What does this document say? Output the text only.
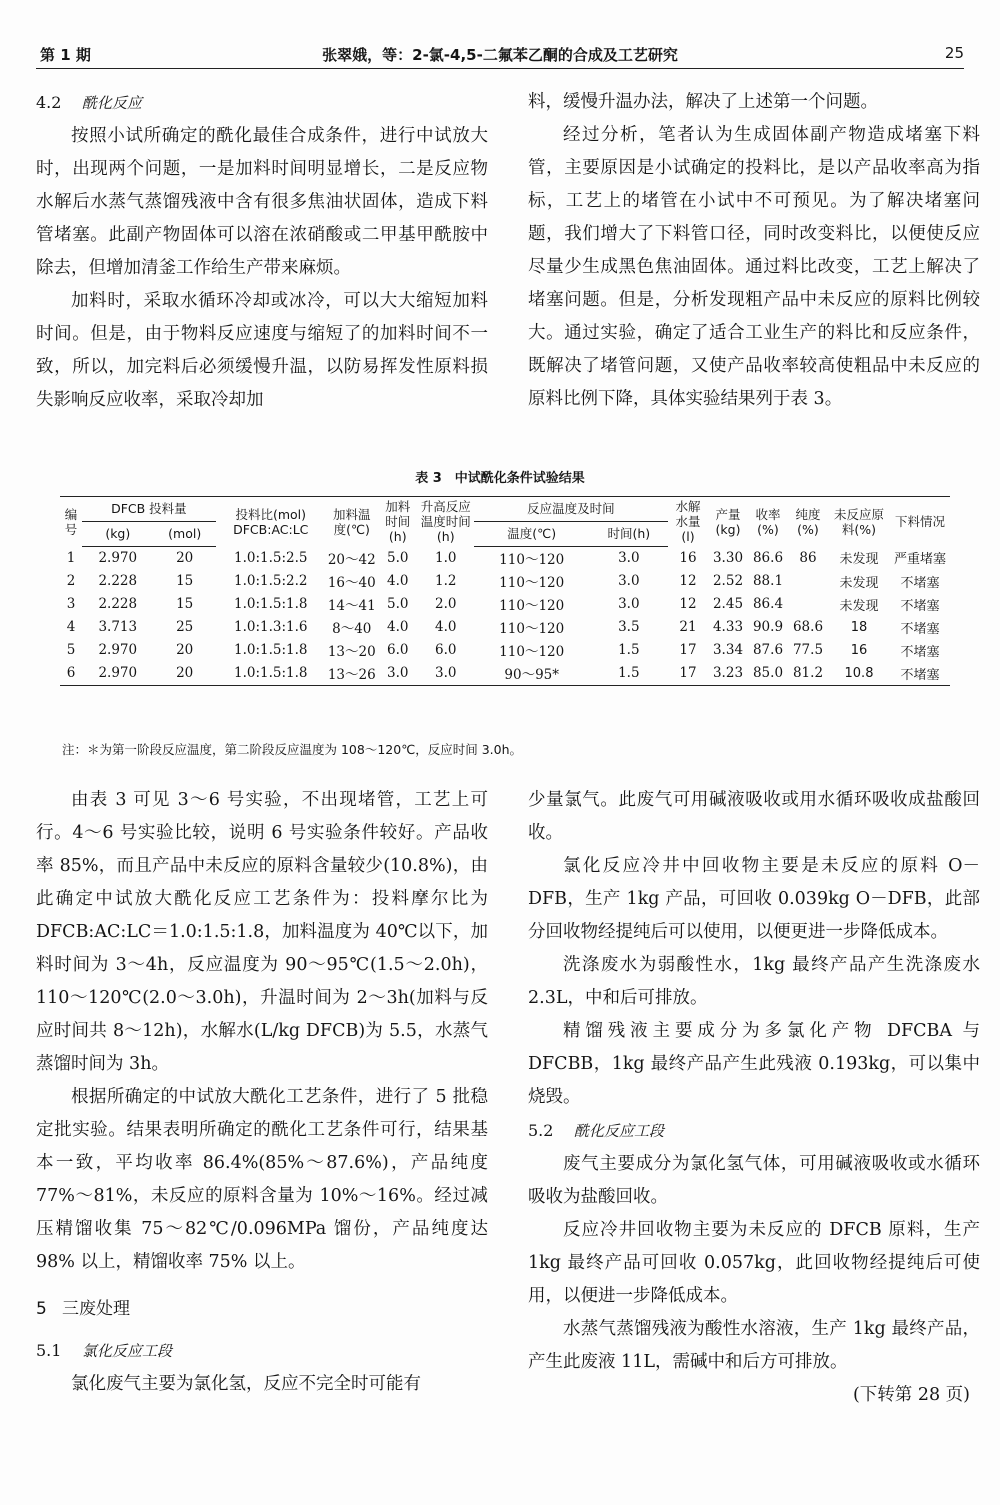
第 1 期	张翠娥，等：2-氯-4,5-二氟苯乙酮的合成及工艺研究	25
4.2 酰化反应

按照小试所确定的酰化最佳合成条件，进行中试放大时，出现两个问题，一是加料时间明显增长，二是反应物水解后水蒸气蒸馏残液中含有很多焦油状固体，造成下料管堵塞。此副产物固体可以溶在浓硝酸或二甲基甲酰胺中除去，但增加清釜工作给生产带来麻烦。

加料时，采取水循环冷却或冰冷，可以大大缩短加料时间。但是，由于物料反应速度与缩短了的加料时间不一致，所以，加完料后必须缓慢升温，以防易挥发性原料损失影响反应收率，采取冷却加

料，缓慢升温办法，解决了上述第一个问题。

经过分析，笔者认为生成固体副产物造成堵塞下料管，主要原因是小试确定的投料比，是以产品收率高为指标，工艺上的堵管在小试中不可预见。为了解决堵塞问题，我们增大了下料管口径，同时改变料比，以便使反应尽量少生成黑色焦油固体。通过料比改变，工艺上解决了堵塞问题。但是，分析发现粗产品中未反应的原料比例较大。通过实验，确定了适合工业生产的料比和反应条件，既解决了堵管问题，又使产品收率较高使粗品中未反应的原料比例下降，具体实验结果列于表 3。

表 3　中试酰化条件试验结果
编号	DFCB 投料量		投料比(mol)
DFCB:AC:LC	加料温度(℃)	加料时间(h)	升高反应温度时间(h)	反应温度及时间		水解水量(l)	产量(kg)	收率(%)	纯度(%)	未反应原料(%)	下料情况
	(kg)	(mol)					温度(℃)	时间(h)						
1	2.970	20	1.0:1.5:2.5	20～42	5.0	1.0	110～120	3.0	16	3.30	86.6	86	未发现	严重堵塞
2	2.228	15	1.0:1.5:2.2	16～40	4.0	1.2	110～120	3.0	12	2.52	88.1		未发现	不堵塞
3	2.228	15	1.0:1.5:1.8	14～41	5.0	2.0	110～120	3.0	12	2.45	86.4		未发现	不堵塞
4	3.713	25	1.0:1.3:1.6	8～40	4.0	4.0	110～120	3.5	21	4.33	90.9	68.6	18	不堵塞
5	2.970	20	1.0:1.5:1.8	13～20	6.0	6.0	110～120	1.5	17	3.34	87.6	77.5	16	不堵塞
6	2.970	20	1.0:1.5:1.8	13～26	3.0	3.0	90～95*	1.5	17	3.23	85.0	81.2	10.8	不堵塞
注：＊为第一阶段反应温度，第二阶段反应温度为 108～120℃，反应时间 3.0h。

由表 3 可见 3～6 号实验，不出现堵管，工艺上可行。4～6 号实验比较，说明 6 号实验条件较好。产品收率 85%，而且产品中未反应的原料含量较少(10.8%)，由此确定中试放大酰化反应工艺条件为：投料摩尔比为 DFCB:AC:LC＝1.0:1.5:1.8，加料温度为 40℃以下，加料时间为 3～4h，反应温度为 90～95℃(1.5～2.0h)，110～120℃(2.0～3.0h)，升温时间为 2～3h(加料与反应时间共 8～12h)，水解水(L/kg DFCB)为 5.5，水蒸气蒸馏时间为 3h。

根据所确定的中试放大酰化工艺条件，进行了 5 批稳定批实验。结果表明所确定的酰化工艺条件可行，结果基本一致，平均收率 86.4%(85%～87.6%)，产品纯度 77%～81%，未反应的原料含量为 10%～16%。经过减压精馏收集 75～82℃/0.096MPa 馏份，产品纯度达 98% 以上，精馏收率 75% 以上。

5 三废处理
5.1 氯化反应工段

氯化废气主要为氯化氢，反应不完全时可能有

少量氯气。此废气可用碱液吸收或用水循环吸收成盐酸回收。

氯化反应冷井中回收物主要是未反应的原料 O－DFB，生产 1kg 产品，可回收 0.039kg O－DFB，此部分回收物经提纯后可以使用，以便更进一步降低成本。

洗涤废水为弱酸性水，1kg 最终产品产生洗涤废水 2.3L，中和后可排放。

精馏残液主要成分为多氯化产物 DFCBA 与 DFCBB，1kg 最终产品产生此残液 0.193kg，可以集中烧毁。

5.2 酰化反应工段

废气主要成分为氯化氢气体，可用碱液吸收或水循环吸收为盐酸回收。

反应冷井回收物主要为未反应的 DFCB 原料，生产 1kg 最终产品可回收 0.057kg，此回收物经提纯后可使用，以便进一步降低成本。

水蒸气蒸馏残液为酸性水溶液，生产 1kg 最终产品，产生此废液 11L，需碱中和后方可排放。

(下转第 28 页)
